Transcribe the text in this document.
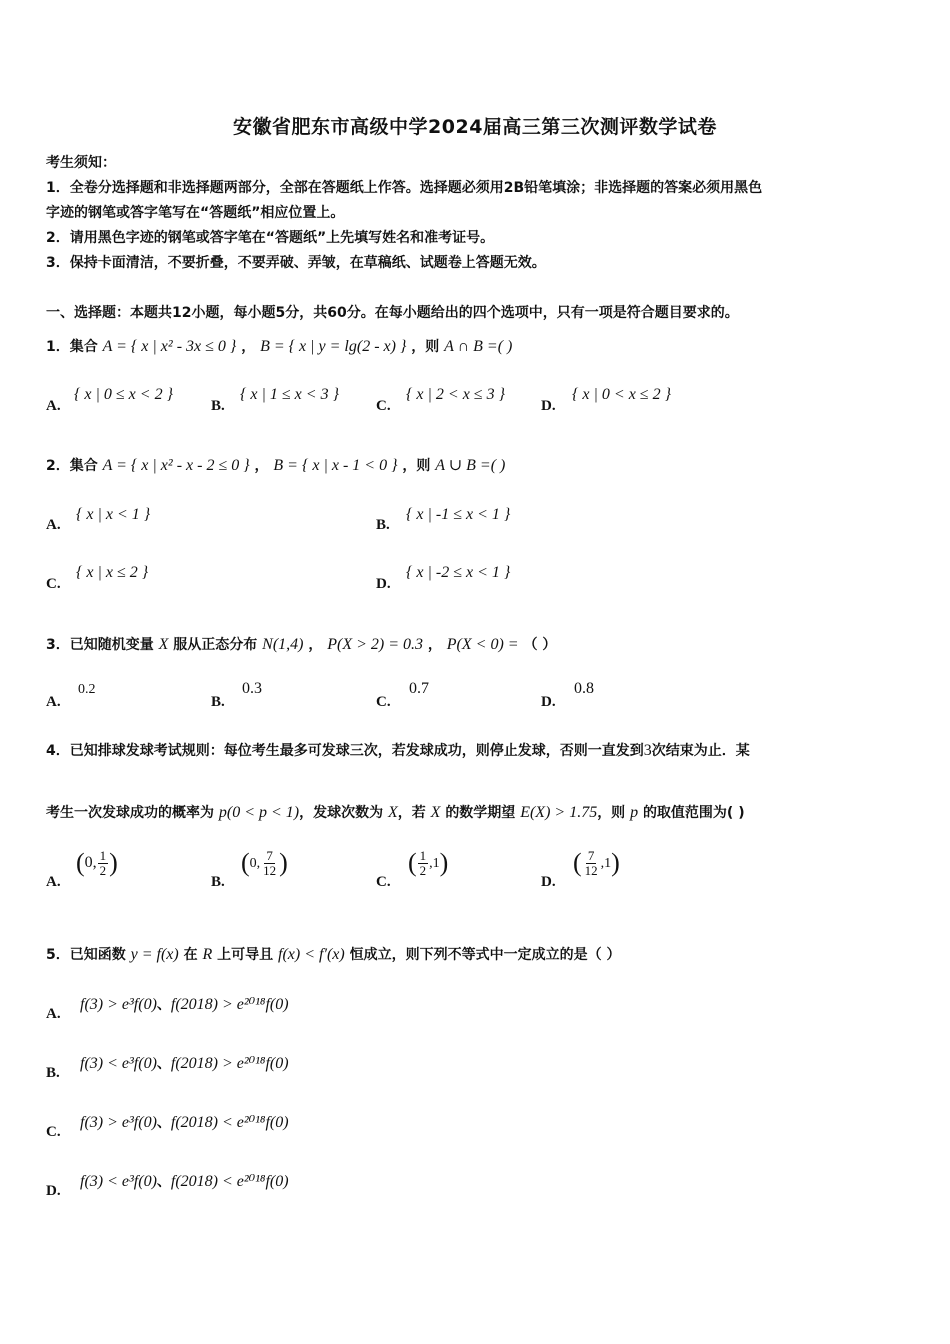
安徽省肥东市高级中学2024届高三第三次测评数学试卷
考生须知：
1．全卷分选择题和非选择题两部分，全部在答题纸上作答。选择题必须用2B铅笔填涂；非选择题的答案必须用黑色
字迹的钢笔或答字笔写在“答题纸”相应位置上。
2．请用黑色字迹的钢笔或答字笔在“答题纸”上先填写姓名和准考证号。
3．保持卡面清洁，不要折叠，不要弄破、弄皱，在草稿纸、试题卷上答题无效。
一、选择题：本题共12小题，每小题5分，共60分。在每小题给出的四个选项中，只有一项是符合题目要求的。
1．集合 A = { x | x² - 3x ≤ 0 } ， B = { x | y = lg(2 - x) } ，则 A ∩ B =( )
A.
{ x | 0 ≤ x < 2 }
B.
{ x | 1 ≤ x < 3 }
C.
{ x | 2 < x ≤ 3 }
D.
{ x | 0 < x ≤ 2 }
2．集合 A = { x | x² - x - 2 ≤ 0 } ， B = { x | x - 1 < 0 } ，则 A ∪ B =( )
A.
{ x | x < 1 }
B.
{ x | -1 ≤ x < 1 }
C.
{ x | x ≤ 2 }
D.
{ x | -2 ≤ x < 1 }
3．已知随机变量 X 服从正态分布 N(1,4) ， P(X > 2) = 0.3 ， P(X < 0) = （ ）
A.
0.2
B.
0.3
C.
0.7
D.
0.8
4．已知排球发球考试规则：每位考生最多可发球三次，若发球成功，则停止发球，否则一直发到3次结束为止．某
考生一次发球成功的概率为 p(0 < p < 1)，发球次数为 X，若 X 的数学期望 E(X) > 1.75，则 p 的取值范围为( )
A.
(0, $\frac{1}{2}$ )
B.
(0, $\frac{7}{12}$ )
C.
( $\frac{1}{2} ,1$)
D.
( $\frac{7}{12} ,1$)
5．已知函数 y = f(x) 在 R 上可导且 f(x) < f′(x) 恒成立，则下列不等式中一定成立的是（ ）
A.
f(3) > e³f(0)、f(2018) > e²⁰¹⁸f(0)
B.
f(3) < e³f(0)、f(2018) > e²⁰¹⁸f(0)
C.
f(3) > e³f(0)、f(2018) < e²⁰¹⁸f(0)
D.
f(3) < e³f(0)、f(2018) < e²⁰¹⁸f(0)
